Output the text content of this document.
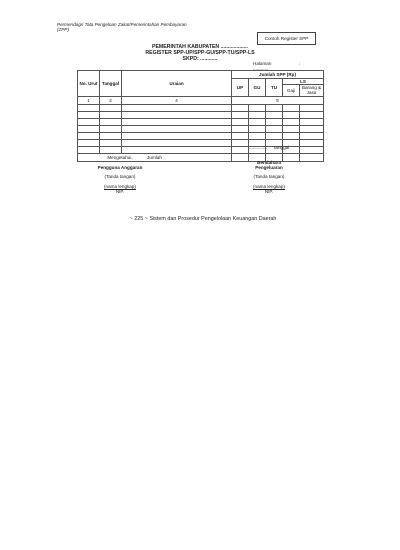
Permendagri Tata Pengeloan Zakat/Pemerintahan Pembayaran
(ZPP)
Contoh Register SPP
PEMERINTAH KABUPATEN ...................
REGISTER SPP-UP/SPP-GU/SPP-TU/SPP-LS
SKPD: ............
Halaman	:
............
No. Urut	Tanggal	Uraian	Jumlah SPP (Rp)				
			UP	GU	TU	LS	
						Gaji	Barang & Jasa
1	2	4	5				

Jumlah							
.............. tanggal
..................
Mengetahui,
Pengguna Anggaran
(Tanda tangan)
(nama lengkap)
NIP.
Bendahara
Pengeluaran
(Tanda tangan)
(nama lengkap)
NIP.
~ 225 ~ Sistem dan Prosedur Pengelolaan Keuangan Daerah
